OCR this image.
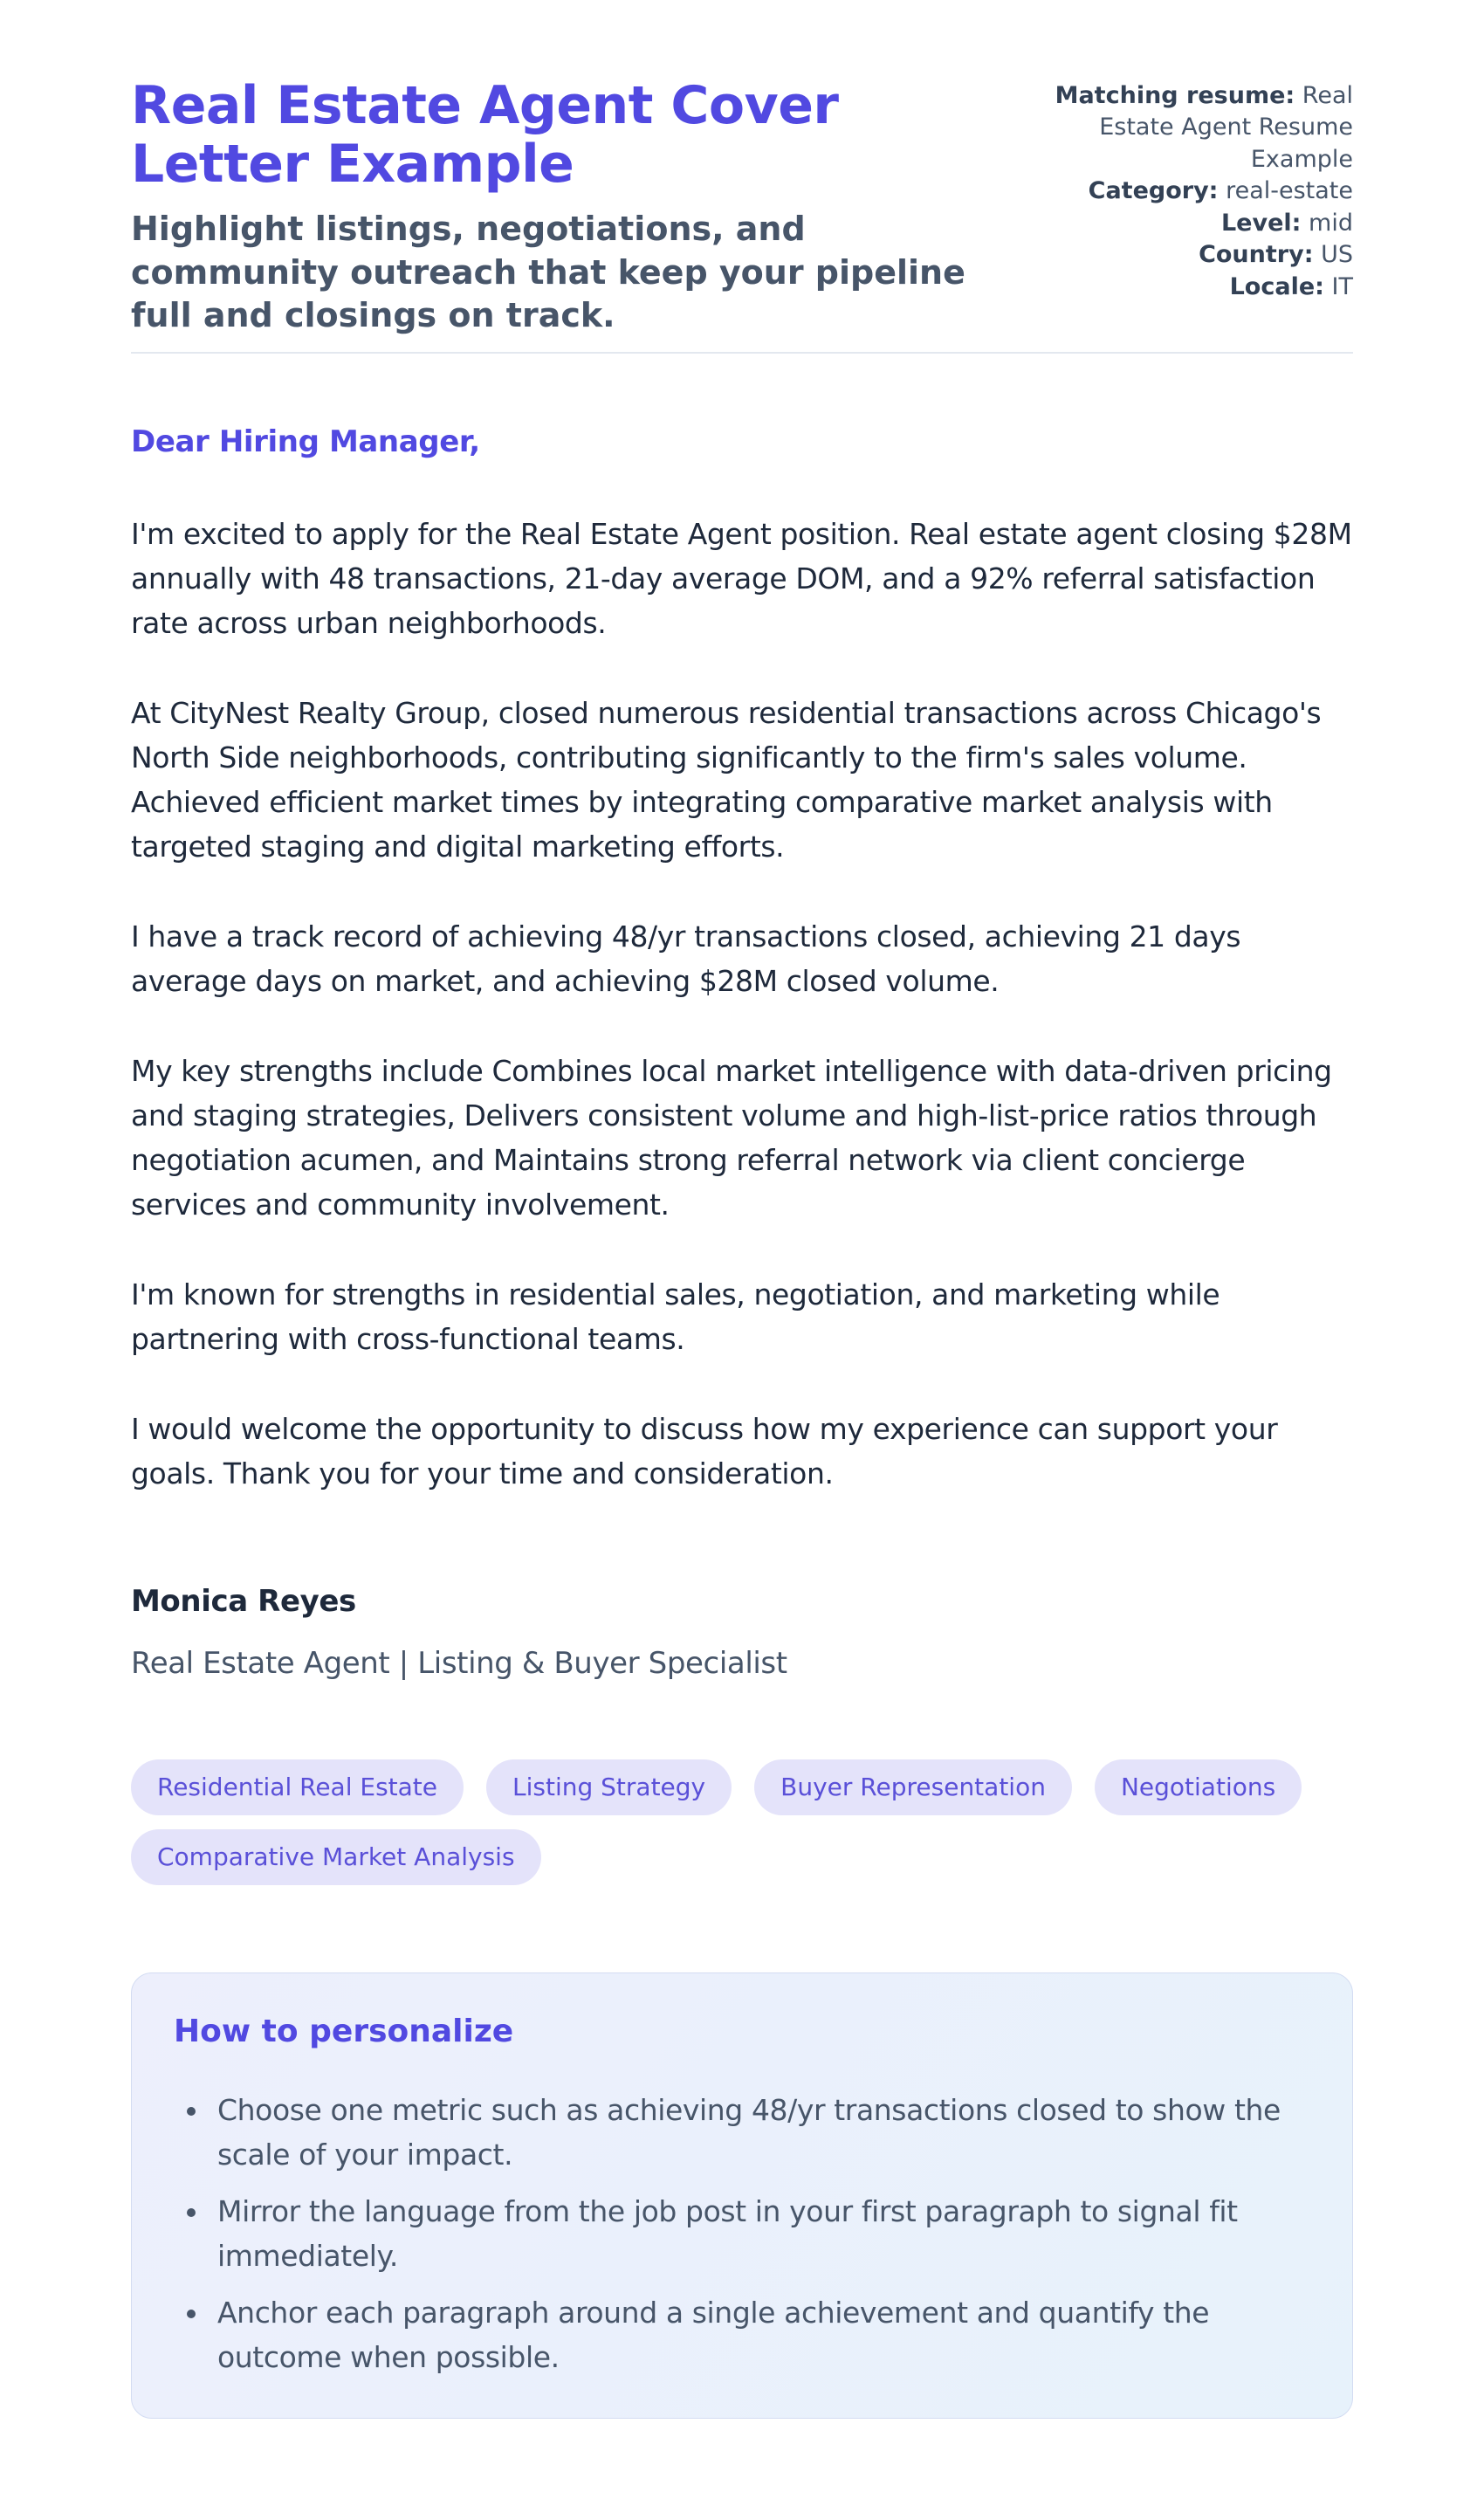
Real Estate Agent Cover Letter Example

Highlight listings, negotiations, and community outreach that keep your pipeline full and closings on track.

Matching resume: Real Estate Agent Resume Example
Category: real-estate
Level: mid
Country: US
Locale: IT

Dear Hiring Manager,

I'm excited to apply for the Real Estate Agent position. Real estate agent closing $28M annually with 48 transactions, 21-day average DOM, and a 92% referral satisfaction rate across urban neighborhoods.

At CityNest Realty Group, closed numerous residential transactions across Chicago's North Side neighborhoods, contributing significantly to the firm's sales volume. Achieved efficient market times by integrating comparative market analysis with targeted staging and digital marketing efforts.

I have a track record of achieving 48/yr transactions closed, achieving 21 days average days on market, and achieving $28M closed volume.

My key strengths include Combines local market intelligence with data-driven pricing and staging strategies, Delivers consistent volume and high-list-price ratios through negotiation acumen, and Maintains strong referral network via client concierge services and community involvement.

I'm known for strengths in residential sales, negotiation, and marketing while partnering with cross-functional teams.

I would welcome the opportunity to discuss how my experience can support your goals. Thank you for your time and consideration.

Monica Reyes

Real Estate Agent | Listing & Buyer Specialist

Residential Real Estate	Listing Strategy	Buyer Representation	Negotiations
Comparative Market Analysis
How to personalize
• Choose one metric such as achieving 48/yr transactions closed to show the scale of your impact.
• Mirror the language from the job post in your first paragraph to signal fit immediately.
• Anchor each paragraph around a single achievement and quantify the outcome when possible.
